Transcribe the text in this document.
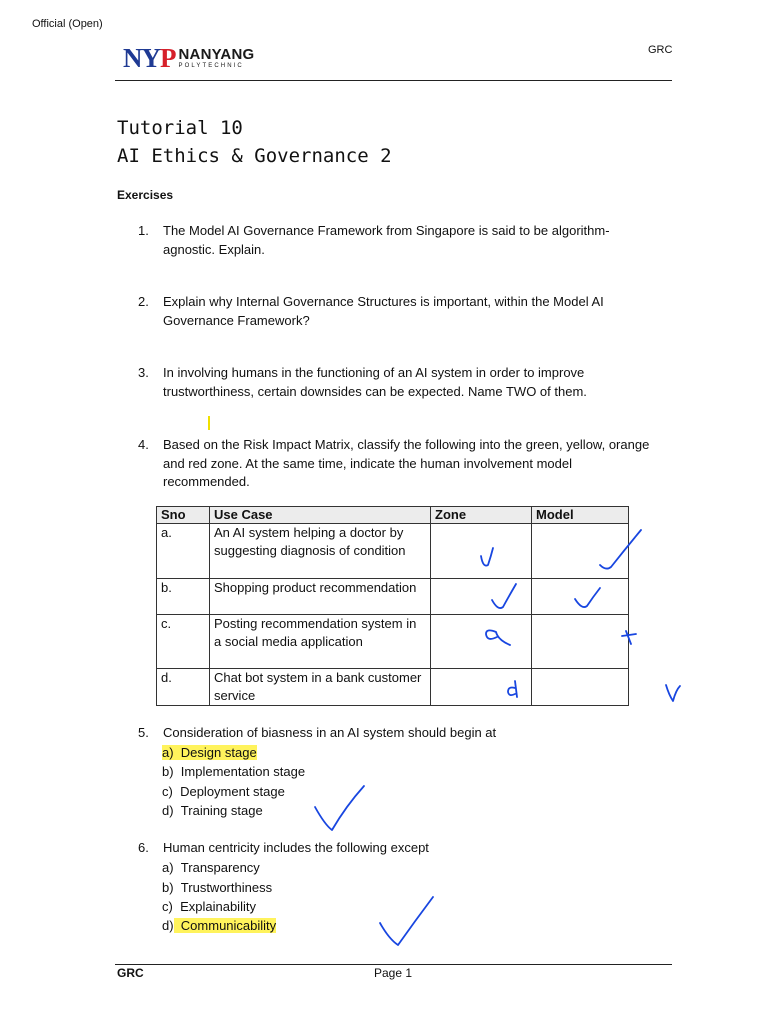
Official (Open)
NYP NANYANG
POLYTECHNIC
GRC
Tutorial 10
AI Ethics & Governance 2
Exercises
1. The Model AI Governance Framework from Singapore is said to be algorithm-agnostic. Explain.
2. Explain why Internal Governance Structures is important, within the Model AI Governance Framework?
3. In involving humans in the functioning of an AI system in order to improve trustworthiness, certain downsides can be expected. Name TWO of them.
4. Based on the Risk Impact Matrix, classify the following into the green, yellow, orange and red zone. At the same time, indicate the human involvement model recommended.
Sno	Use Case	Zone	Model
a.	An AI system helping a doctor by suggesting diagnosis of condition		
b.	Shopping product recommendation		
c.	Posting recommendation system in a social media application		
d.	Chat bot system in a bank customer service		
5. Consideration of biasness in an AI system should begin at
a) Design stage
b) Implementation stage
c) Deployment stage
d) Training stage
6. Human centricity includes the following except
a) Transparency
b) Trustworthiness
c) Explainability
d) Communicability
GRC	Page 1
